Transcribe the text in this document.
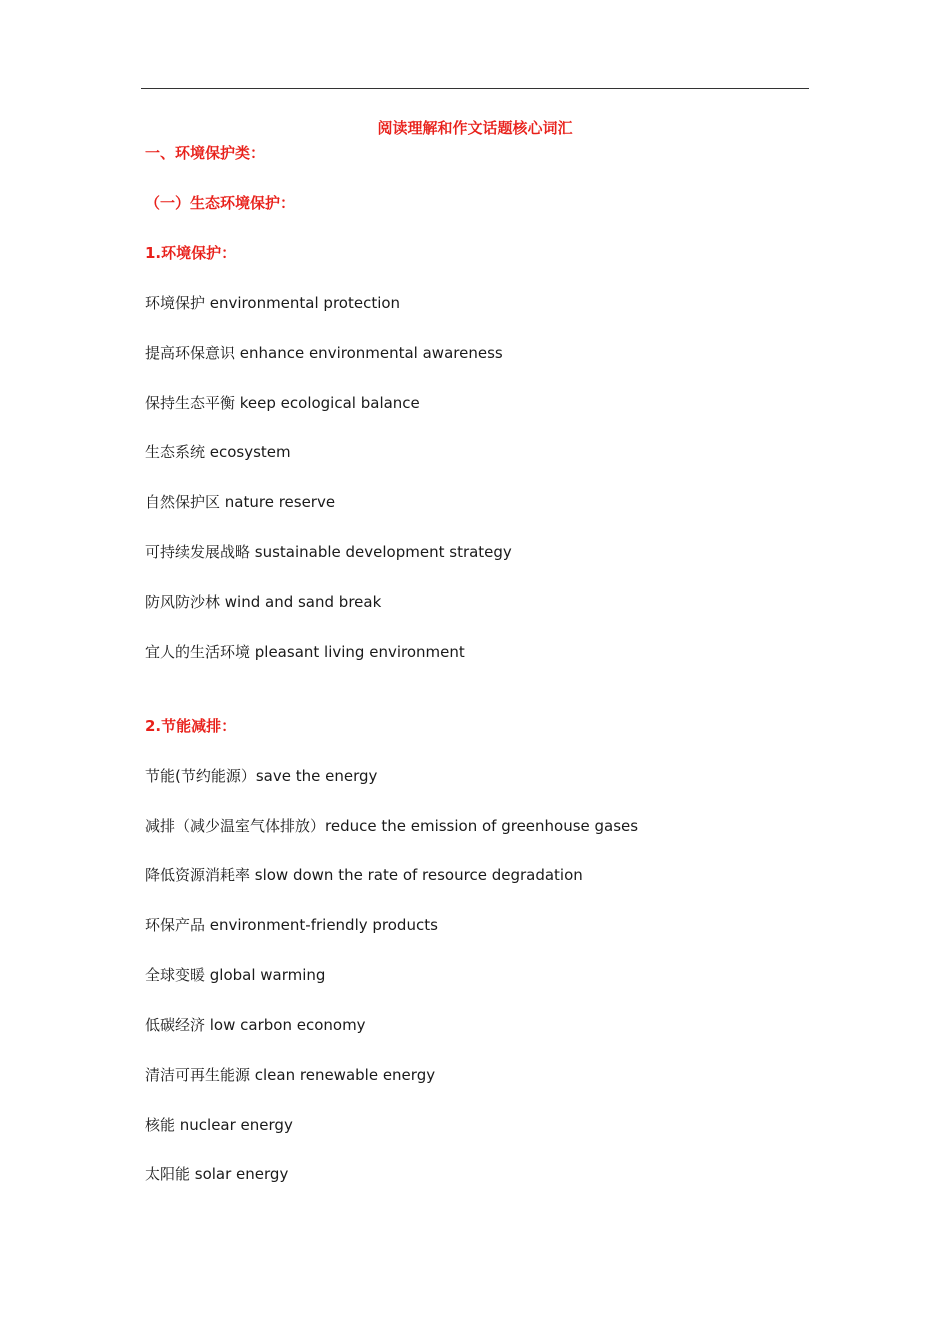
阅读理解和作文话题核心词汇
一、环境保护类：
（一）生态环境保护：
1.环境保护：
环境保护 environmental protection
提高环保意识 enhance environmental awareness
保持生态平衡 keep ecological balance
生态系统 ecosystem
自然保护区 nature reserve
可持续发展战略 sustainable development strategy
防风防沙林 wind and sand break
宜人的生活环境 pleasant living environment
2.节能减排：
节能(节约能源）save the energy
减排（减少温室气体排放）reduce the emission of greenhouse gases
降低资源消耗率 slow down the rate of resource degradation
环保产品 environment-friendly products
全球变暖 global warming
低碳经济 low carbon economy
清洁可再生能源 clean renewable energy
核能 nuclear energy
太阳能 solar energy
